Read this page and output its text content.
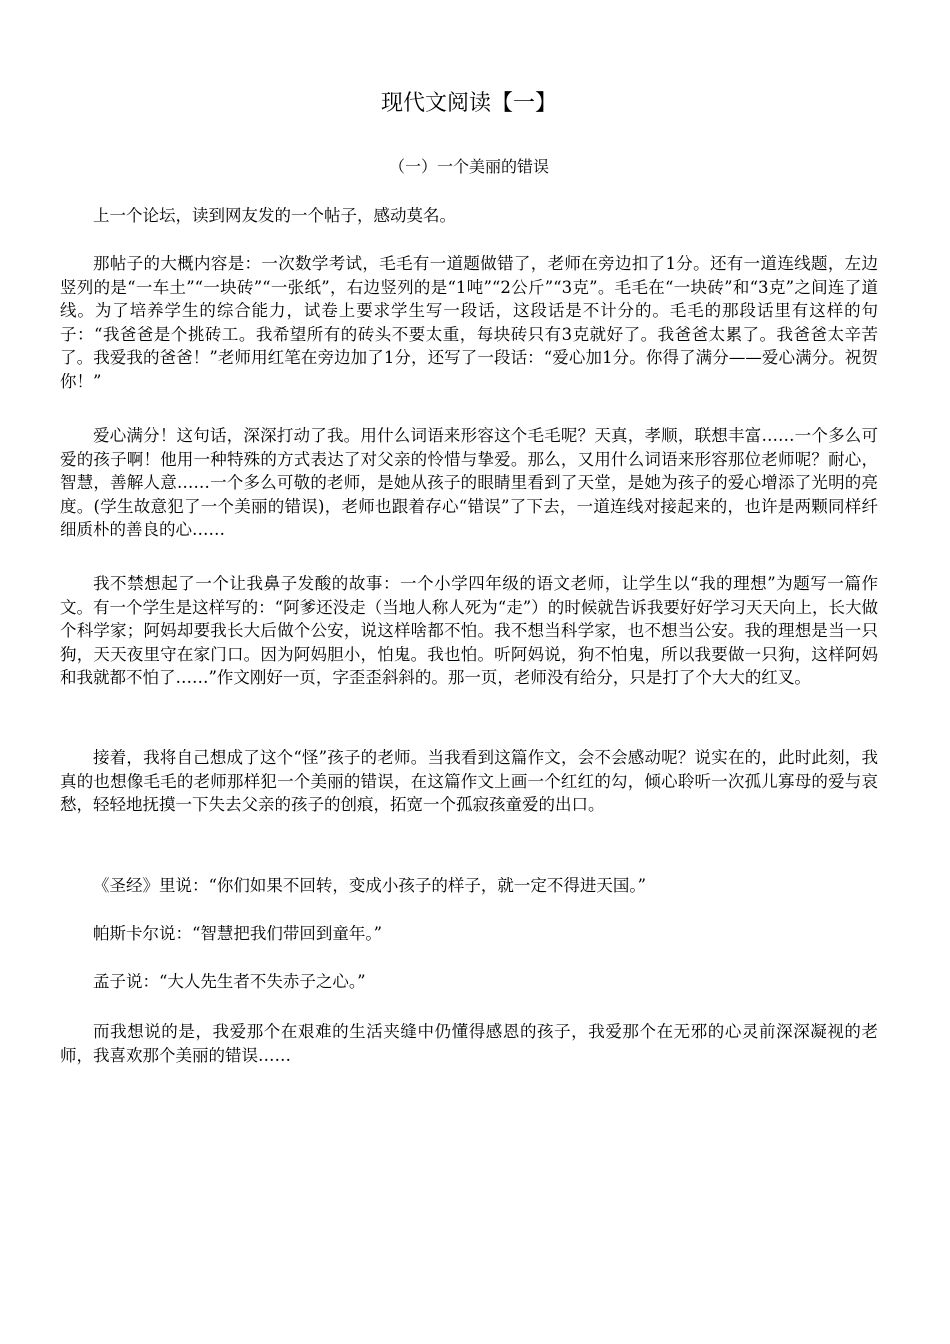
现代文阅读【一】

（一）一个美丽的错误

上一个论坛，读到网友发的一个帖子，感动莫名。

那帖子的大概内容是：一次数学考试，毛毛有一道题做错了，老师在旁边扣了1分。还有一道连线题，左边竖列的是“一车土”“一块砖”“一张纸”，右边竖列的是“1吨”“2公斤”“3克”。毛毛在“一块砖”和“3克”之间连了道线。为了培养学生的综合能力，试卷上要求学生写一段话，这段话是不计分的。毛毛的那段话里有这样的句子：“我爸爸是个挑砖工。我希望所有的砖头不要太重，每块砖只有3克就好了。我爸爸太累了。我爸爸太辛苦了。我爱我的爸爸！”老师用红笔在旁边加了1分，还写了一段话：“爱心加1分。你得了满分——爱心满分。祝贺你！”

爱心满分！这句话，深深打动了我。用什么词语来形容这个毛毛呢？天真，孝顺，联想丰富……一个多么可爱的孩子啊！他用一种特殊的方式表达了对父亲的怜惜与挚爱。那么，又用什么词语来形容那位老师呢？耐心，智慧，善解人意……一个多么可敬的老师，是她从孩子的眼睛里看到了天堂，是她为孩子的爱心增添了光明的亮度。(学生故意犯了一个美丽的错误)，老师也跟着存心“错误”了下去，一道连线对接起来的，也许是两颗同样纤细质朴的善良的心……

我不禁想起了一个让我鼻子发酸的故事：一个小学四年级的语文老师，让学生以“我的理想”为题写一篇作文。有一个学生是这样写的：“阿爹还没走（当地人称人死为“走”）的时候就告诉我要好好学习天天向上，长大做个科学家；阿妈却要我长大后做个公安，说这样啥都不怕。我不想当科学家，也不想当公安。我的理想是当一只狗，天天夜里守在家门口。因为阿妈胆小，怕鬼。我也怕。听阿妈说，狗不怕鬼，所以我要做一只狗，这样阿妈和我就都不怕了……”作文刚好一页，字歪歪斜斜的。那一页，老师没有给分，只是打了个大大的红叉。

接着，我将自己想成了这个“怪”孩子的老师。当我看到这篇作文，会不会感动呢？说实在的，此时此刻，我真的也想像毛毛的老师那样犯一个美丽的错误，在这篇作文上画一个红红的勾，倾心聆听一次孤儿寡母的爱与哀愁，轻轻地抚摸一下失去父亲的孩子的创痕，拓宽一个孤寂孩童爱的出口。

《圣经》里说：“你们如果不回转，变成小孩子的样子，就一定不得进天国。”

帕斯卡尔说：“智慧把我们带回到童年。”

孟子说：“大人先生者不失赤子之心。”

而我想说的是，我爱那个在艰难的生活夹缝中仍懂得感恩的孩子，我爱那个在无邪的心灵前深深凝视的老师，我喜欢那个美丽的错误……
